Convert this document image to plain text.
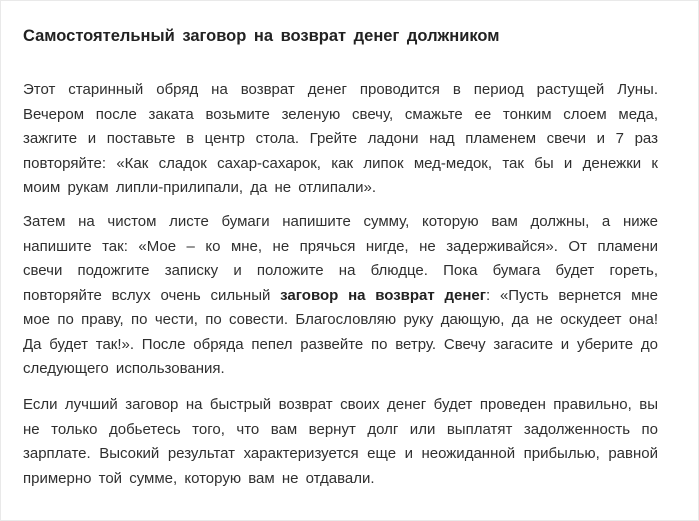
Самостоятельный заговор на возврат денег должником

Этот старинный обряд на возврат денег проводится в период растущей Луны. Вечером после заката возьмите зеленую свечу, смажьте ее тонким слоем меда, зажгите и поставьте в центр стола. Грейте ладони над пламенем свечи и 7 раз повторяйте: «Как сладок сахар-сахарок, как липок мед-медок, так бы и денежки к моим рукам липли-прилипали, да не отлипали».

Затем на чистом листе бумаги напишите сумму, которую вам должны, а ниже напишите так: «Мое – ко мне, не прячься нигде, не задерживайся». От пламени свечи подожгите записку и положите на блюдце. Пока бумага будет гореть, повторяйте вслух очень сильный заговор на возврат денег: «Пусть вернется мне мое по праву, по чести, по совести. Благословляю руку дающую, да не оскудеет она! Да будет так!». После обряда пепел развейте по ветру. Свечу загасите и уберите до следующего использования.

Если лучший заговор на быстрый возврат своих денег будет проведен правильно, вы не только добьетесь того, что вам вернут долг или выплатят задолженность по зарплате. Высокий результат характеризуется еще и неожиданной прибылью, равной примерно той сумме, которую вам не отдавали.
